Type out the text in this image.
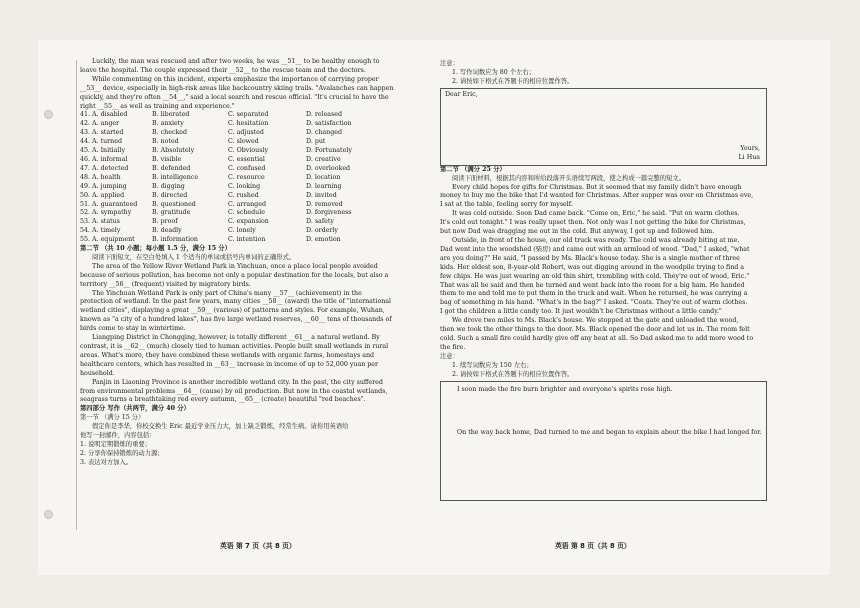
Luckily, the man was rescued and after two weeks, he was __51__ to be healthy enough to
leave the hospital. The couple expressed their __52__ to the rescue team and the doctors.
While commenting on this incident, experts emphasize the importance of carrying proper
__53__ device, especially in high-risk areas like backcountry skiing trails. "Avalanches can happen
quickly, and they're often __54__," said a local search and rescue official. "It's crucial to have the
right __55__ as well as training and experience."
41. A. disabled	B. liberated	C. separated	D. released
42. A. anger	B. anxiety	C. hesitation	D. satisfaction
43. A. started	B. checked	C. adjusted	D. changed
44. A. turned	B. noted	C. slowed	D. put
45. A. Initially	B. Absolutely	C. Obviously	D. Fortunately
46. A. informal	B. visible	C. essential	D. creative
47. A. detected	B. defended	C. confused	D. overlooked
48. A. health	B. intelligence	C. resource	D. location
49. A. jumping	B. digging	C. looking	D. learning
50. A. applied	B. directed	C. rushed	D. invited
51. A. guaranteed	B. questioned	C. arranged	D. removed
52. A. sympathy	B. gratitude	C. schedule	D. forgiveness
53. A. status	B. proof	C. expansion	D. safety
54. A. timely	B. deadly	C. lonely	D. orderly
55. A. equipment	B. information	C. intention	D. emotion
第二节 （共 10 小题；每小题 1.5 分，满分 15 分）
阅读下面短文，在空白处填入 1 个适当的单词或括号内单词的正确形式。
The area of the Yellow River Wetland Park in Yinchuan, once a place local people avoided
because of serious pollution, has become not only a popular destination for the locals, but also a
territory __56__ (frequent) visited by migratory birds.
The Yinchuan Wetland Park is only part of China's many __57__ (achievement) in the
protection of wetland. In the past few years, many cities __58__ (award) the title of "international
wetland cities", displaying a great __59__ (various) of patterns and styles. For example, Wuhan,
known as "a city of a hundred lakes", has five large wetland reserves, __60__ tens of thousands of
birds come to stay in wintertime.
Liangping District in Chongqing, however, is totally different __61__ a natural wetland. By
contrast, it is __62__ (much) closely tied to human activities. People built small wetlands in rural
areas. What's more, they have combined these wetlands with organic farms, homestays and
healthcare centers, which has resulted in __63__ increase in income of up to 52,000 yuan per
household.
Panjin in Liaoning Province is another incredible wetland city. In the past, the city suffered
from environmental problems __64__ (cause) by oil production. But now in the coastal wetlands,
seagrass turns a breathtaking red every autumn, __65__ (create) beautiful "red beaches".
第四部分 写作（共两节，满分 40 分）
第一节 （满分 15 分）
假定你是李华，你校交换生 Eric 最近学业压力大，加上缺乏锻炼，经常生病。请你用英语给
他写一封邮件，内容包括：
1. 说明定期锻炼的重要；
2. 分享你保持锻炼的动力源；
3. 表达对方加入。
英语 第 7 页（共 8 页）
注意：
1. 写作词数应为 80 个左右；
2. 请按如下格式在答题卡的相应位置作答。
Dear Eric,
Yours,
Li Hua
第二节 （满分 25 分）
阅读下面材料，根据其内容和所给段落开头语续写两段，使之构成一篇完整的短文。
Every child hopes for gifts for Christmas. But it seemed that my family didn't have enough
money to buy me the bike that I'd wanted for Christmas. After supper was over on Christmas eve,
I sat at the table, feeling sorry for myself.
It was cold outside. Soon Dad came back. "Come on, Eric," he said. "Put on warm clothes.
It's cold out tonight." I was really upset then. Not only was I not getting the bike for Christmas,
but now Dad was dragging me out in the cold. But anyway, I got up and followed him.
Outside, in front of the house, our old truck was ready. The cold was already biting at me.
Dad went into the woodshed (柴房) and came out with an armload of wood. "Dad," I asked, "what
are you doing?" He said, "I passed by Ms. Black's house today. She is a single mother of three
kids. Her eldest son, 8-year-old Robert, was out digging around in the woodpile trying to find a
few chips. He was just wearing an old thin shirt, trembling with cold. They're out of wood, Eric."
That was all he said and then he turned and went back into the room for a big ham. He handed
them to me and told me to put them in the truck and wait. When he returned, he was carrying a
bag of something in his hand. "What's in the bag?" I asked. "Coats. They're out of warm clothes.
I got the children a little candy too. It just wouldn't be Christmas without a little candy."
We drove two miles to Ms. Black's house. We stopped at the gate and unloaded the wood,
then we took the other things to the door. Ms. Black opened the door and let us in. The room felt
cold. Such a small fire could hardly give off any heat at all. So Dad asked me to add more wood to
the fire.
注意：
1. 续写词数应为 150 左右；
2. 请按如下格式在答题卡的相应位置作答。
I soon made the fire burn brighter and everyone's spirits rose high.
On the way back home, Dad turned to me and began to explain about the bike I had longed for.
英语 第 8 页（共 8 页）
